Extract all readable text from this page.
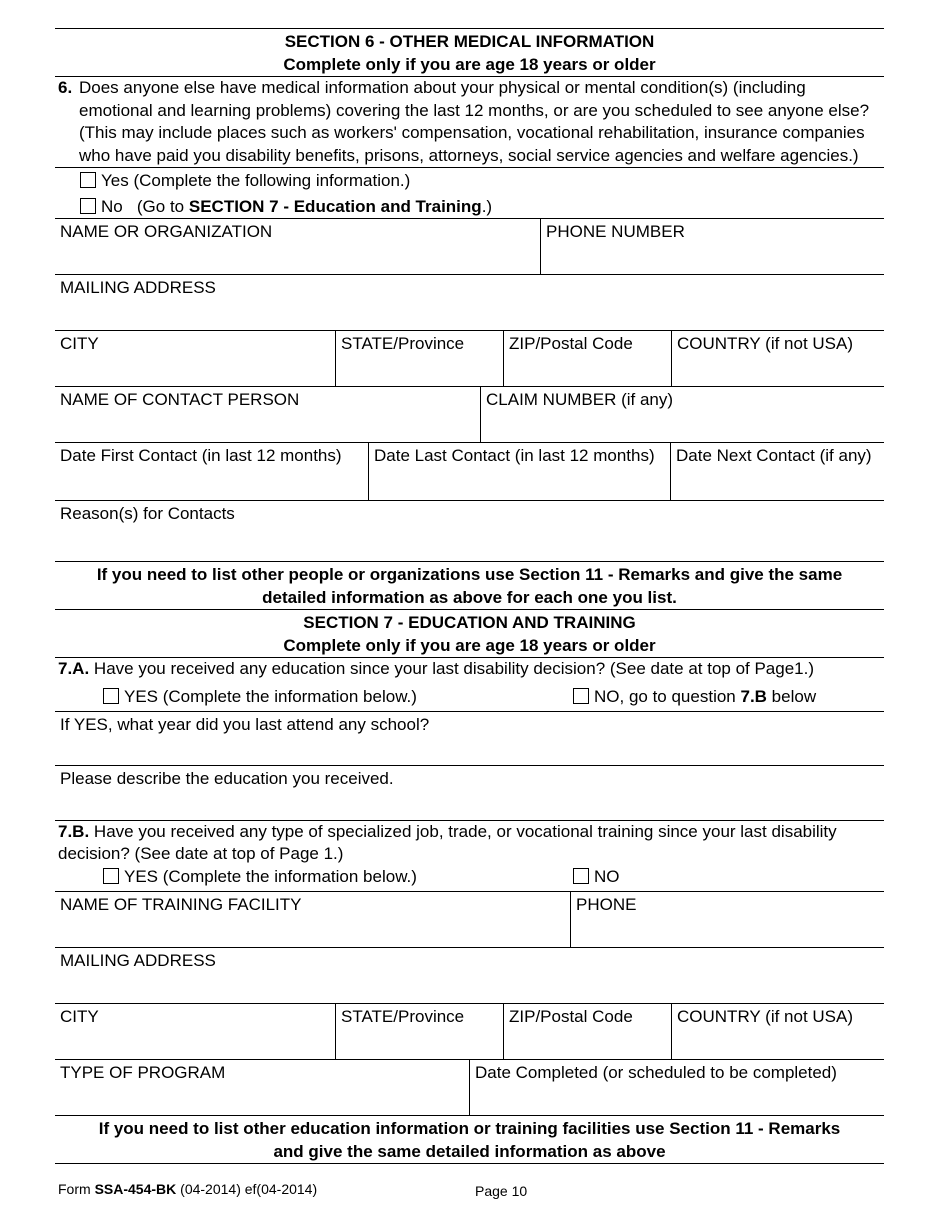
SECTION 6 - OTHER MEDICAL INFORMATION
Complete only if you are age 18 years or older
6. Does anyone else have medical information about your physical or mental condition(s) (including emotional and learning problems) covering the last 12 months, or are you scheduled to see anyone else? (This may include places such as workers' compensation, vocational rehabilitation, insurance companies who have paid you disability benefits, prisons, attorneys, social service agencies and welfare agencies.)
Yes (Complete the following information.)
No   (Go to SECTION 7 - Education and Training.)
NAME OR ORGANIZATION	PHONE NUMBER
MAILING ADDRESS
CITY	STATE/Province	ZIP/Postal Code	COUNTRY (if not USA)
NAME OF CONTACT PERSON	CLAIM NUMBER (if any)
Date First Contact (in last 12 months)	Date Last Contact (in last 12 months)	Date Next Contact (if any)
Reason(s) for Contacts
If you need to list other people or organizations use Section 11 - Remarks and give the same
detailed information as above for each one you list.
SECTION 7 - EDUCATION AND TRAINING
Complete only if you are age 18 years or older
7.A. Have you received any education since your last disability decision? (See date at top of Page1.)
YES (Complete the information below.)	NO, go to question 7.B below
If YES, what year did you last attend any school?
Please describe the education you received.
7.B. Have you received any type of specialized job, trade, or vocational training since your last disability decision? (See date at top of Page 1.)
YES (Complete the information below.)	NO
NAME OF TRAINING FACILITY	PHONE
MAILING ADDRESS
CITY	STATE/Province	ZIP/Postal Code	COUNTRY (if not USA)
TYPE OF PROGRAM	Date Completed (or scheduled to be completed)
If you need to list other education information or training facilities use Section 11 - Remarks
and give the same detailed information as above
Form SSA-454-BK (04-2014) ef(04-2014)	Page 10
